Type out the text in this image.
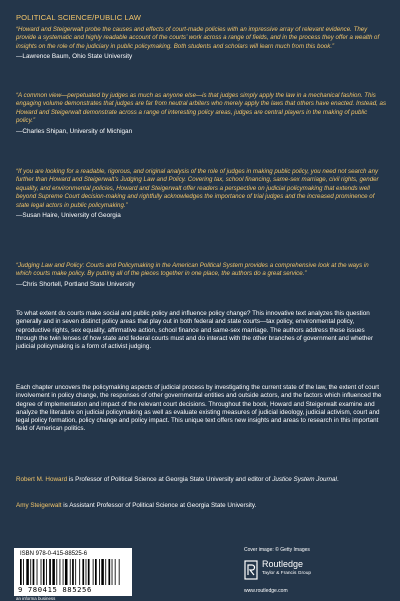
POLITICAL SCIENCE/PUBLIC LAW

“Howard and Steigerwalt probe the causes and effects of court-made policies with an impressive array of relevant evidence. They provide a systematic and highly readable account of the courts’ work across a range of fields, and in the process they offer a wealth of insights on the role of the judiciary in public policymaking. Both students and scholars will learn much from this book.”

—Lawrence Baum, Ohio State University

“A common view—perpetuated by judges as much as anyone else—is that judges simply apply the law in a mechanical fashion. This engaging volume demonstrates that judges are far from neutral arbiters who merely apply the laws that others have enacted. Instead, as Howard and Steigerwalt demonstrate across a range of interesting policy areas, judges are central players in the making of public policy.”

—Charles Shipan, University of Michigan

“If you are looking for a readable, rigorous, and original analysis of the role of judges in making public policy, you need not search any further than Howard and Steigerwalt’s Judging Law and Policy. Covering tax, school financing, same-sex marriage, civil rights, gender equality, and environmental policies, Howard and Steigerwalt offer readers a perspective on judicial policymaking that extends well beyond Supreme Court decision-making and rightfully acknowledges the importance of trial judges and the increased prominence of state legal actors in public policymaking.”

—Susan Haire, University of Georgia

“Judging Law and Policy: Courts and Policymaking in the American Political System provides a comprehensive look at the ways in which courts make policy. By putting all of the pieces together in one place, the authors do a great service.”

—Chris Shortell, Portland State University

To what extent do courts make social and public policy and influence policy change? This innovative text analyzes this question generally and in seven distinct policy areas that play out in both federal and state courts—tax policy, environmental policy, reproductive rights, sex equality, affirmative action, school finance and same-sex marriage. The authors address these issues through the twin lenses of how state and federal courts must and do interact with the other branches of government and whether judicial policymaking is a form of activist judging.

Each chapter uncovers the policymaking aspects of judicial process by investigating the current state of the law, the extent of court involvement in policy change, the responses of other governmental entities and outside actors, and the factors which influenced the degree of implementation and impact of the relevant court decisions. Throughout the book, Howard and Steigerwalt examine and analyze the literature on judicial policymaking as well as evaluate existing measures of judicial ideology, judicial activism, court and legal policy formation, policy change and policy impact. This unique text offers new insights and areas to research in this important field of American politics.

Robert M. Howard is Professor of Political Science at Georgia State University and editor of Justice System Journal.
Amy Steigerwalt is Assistant Professor of Political Science at Georgia State University.
ISBN 978-0-415-88525-6
9 780415 885256
Cover image: © Getty Images
Routledge
Taylor & Francis Group
www.routledge.com
an informa business
